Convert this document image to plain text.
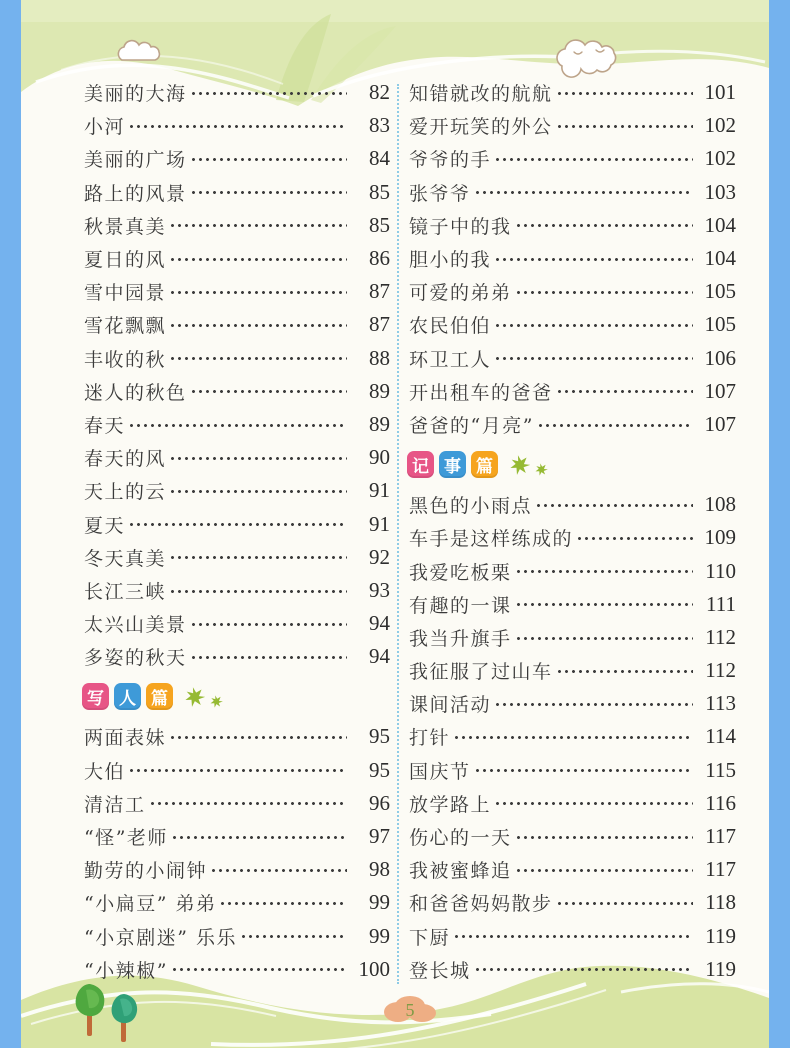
美丽的大海	82
小河	83
美丽的广场	84
路上的风景	85
秋景真美	85
夏日的风	86
雪中园景	87
雪花飘飘	87
丰收的秋	88
迷人的秋色	89
春天	89
春天的风	90
天上的云	91
夏天	91
冬天真美	92
长江三峡	93
太兴山美景	94
多姿的秋天	94
写 人 篇
两面表妹	95
大伯	95
清洁工	96
“怪”老师	97
勤劳的小闹钟	98
“小扁豆” 弟弟	99
“小京剧迷” 乐乐	99
“小辣椒”	100
知错就改的航航	101
爱开玩笑的外公	102
爷爷的手	102
张爷爷	103
镜子中的我	104
胆小的我	104
可爱的弟弟	105
农民伯伯	105
环卫工人	106
开出租车的爸爸	107
爸爸的“月亮”	107
记 事 篇
黑色的小雨点	108
车手是这样练成的	109
我爱吃板栗	110
有趣的一课	111
我当升旗手	112
我征服了过山车	112
课间活动	113
打针	114
国庆节	115
放学路上	116
伤心的一天	117
我被蜜蜂追	117
和爸爸妈妈散步	118
下厨	119
登长城	119
5
